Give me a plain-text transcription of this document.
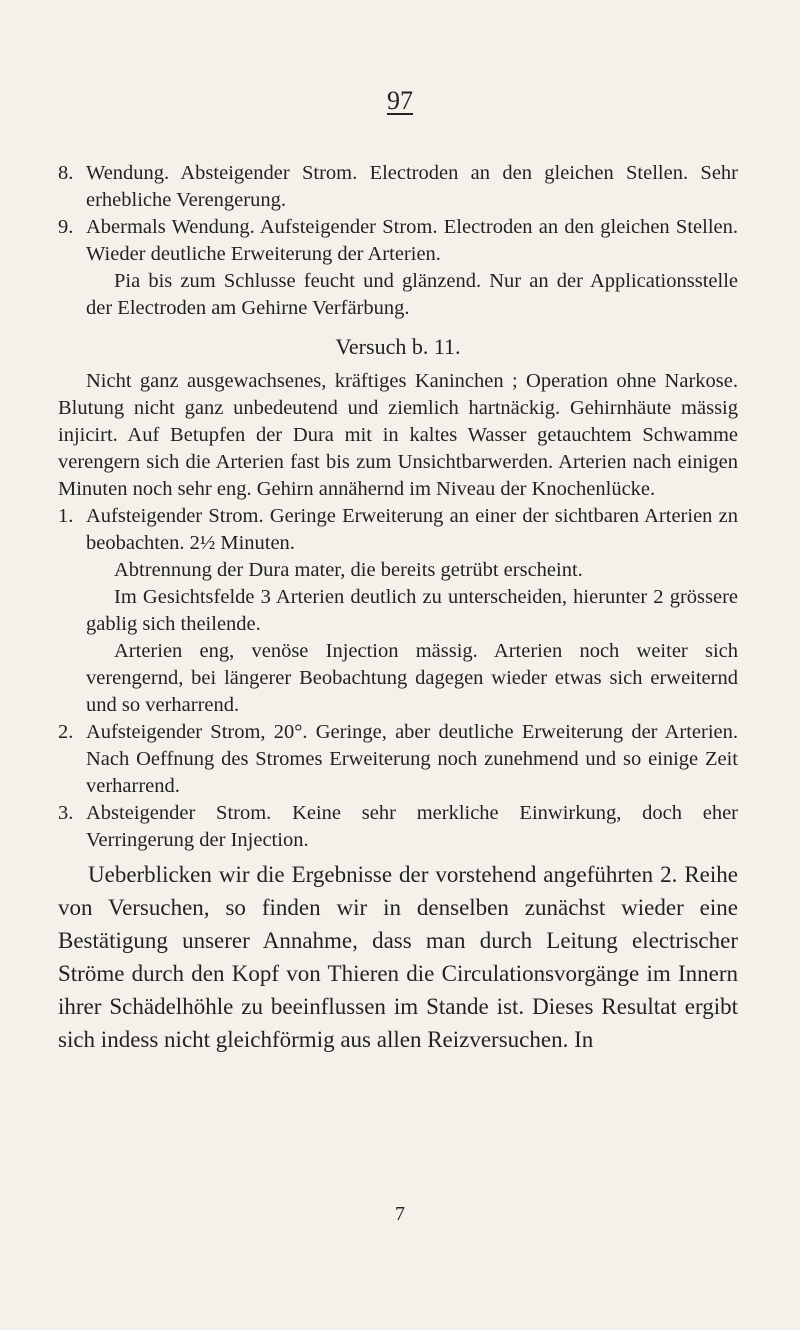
97
8. Wendung. Absteigender Strom. Electroden an den gleichen Stellen. Sehr erhebliche Verengerung.
9. Abermals Wendung. Aufsteigender Strom. Electroden an den gleichen Stellen. Wieder deutliche Erweiterung der Arterien.

Pia bis zum Schlusse feucht und glänzend. Nur an der Applicationsstelle der Electroden am Gehirne Verfärbung.

Versuch b. 11.

Nicht ganz ausgewachsenes, kräftiges Kaninchen ; Operation ohne Narkose. Blutung nicht ganz unbedeutend und ziemlich hartnäckig. Gehirnhäute mässig injicirt. Auf Betupfen der Dura mit in kaltes Wasser getauchtem Schwamme verengern sich die Arterien fast bis zum Unsichtbarwerden. Arterien nach einigen Minuten noch sehr eng. Gehirn annähernd im Niveau der Knochenlücke.

1. Aufsteigender Strom. Geringe Erweiterung an einer der sichtbaren Arterien zn beobachten. 2½ Minuten.

Abtrennung der Dura mater, die bereits getrübt erscheint.

Im Gesichtsfelde 3 Arterien deutlich zu unterscheiden, hierunter 2 grössere gablig sich theilende.

Arterien eng, venöse Injection mässig. Arterien noch weiter sich verengernd, bei längerer Beobachtung dagegen wieder etwas sich erweiternd und so verharrend.

2. Aufsteigender Strom, 20°. Geringe, aber deutliche Erweiterung der Arterien. Nach Oeffnung des Stromes Erweiterung noch zunehmend und so einige Zeit verharrend.
3. Absteigender Strom. Keine sehr merkliche Einwirkung, doch eher Verringerung der Injection.

Ueberblicken wir die Ergebnisse der vorstehend angeführten 2. Reihe von Versuchen, so finden wir in denselben zunächst wieder eine Bestätigung unserer Annahme, dass man durch Leitung electrischer Ströme durch den Kopf von Thieren die Circulationsvorgänge im Innern ihrer Schädelhöhle zu beeinflussen im Stande ist. Dieses Resultat ergibt sich indess nicht gleichförmig aus allen Reizversuchen. In

7
